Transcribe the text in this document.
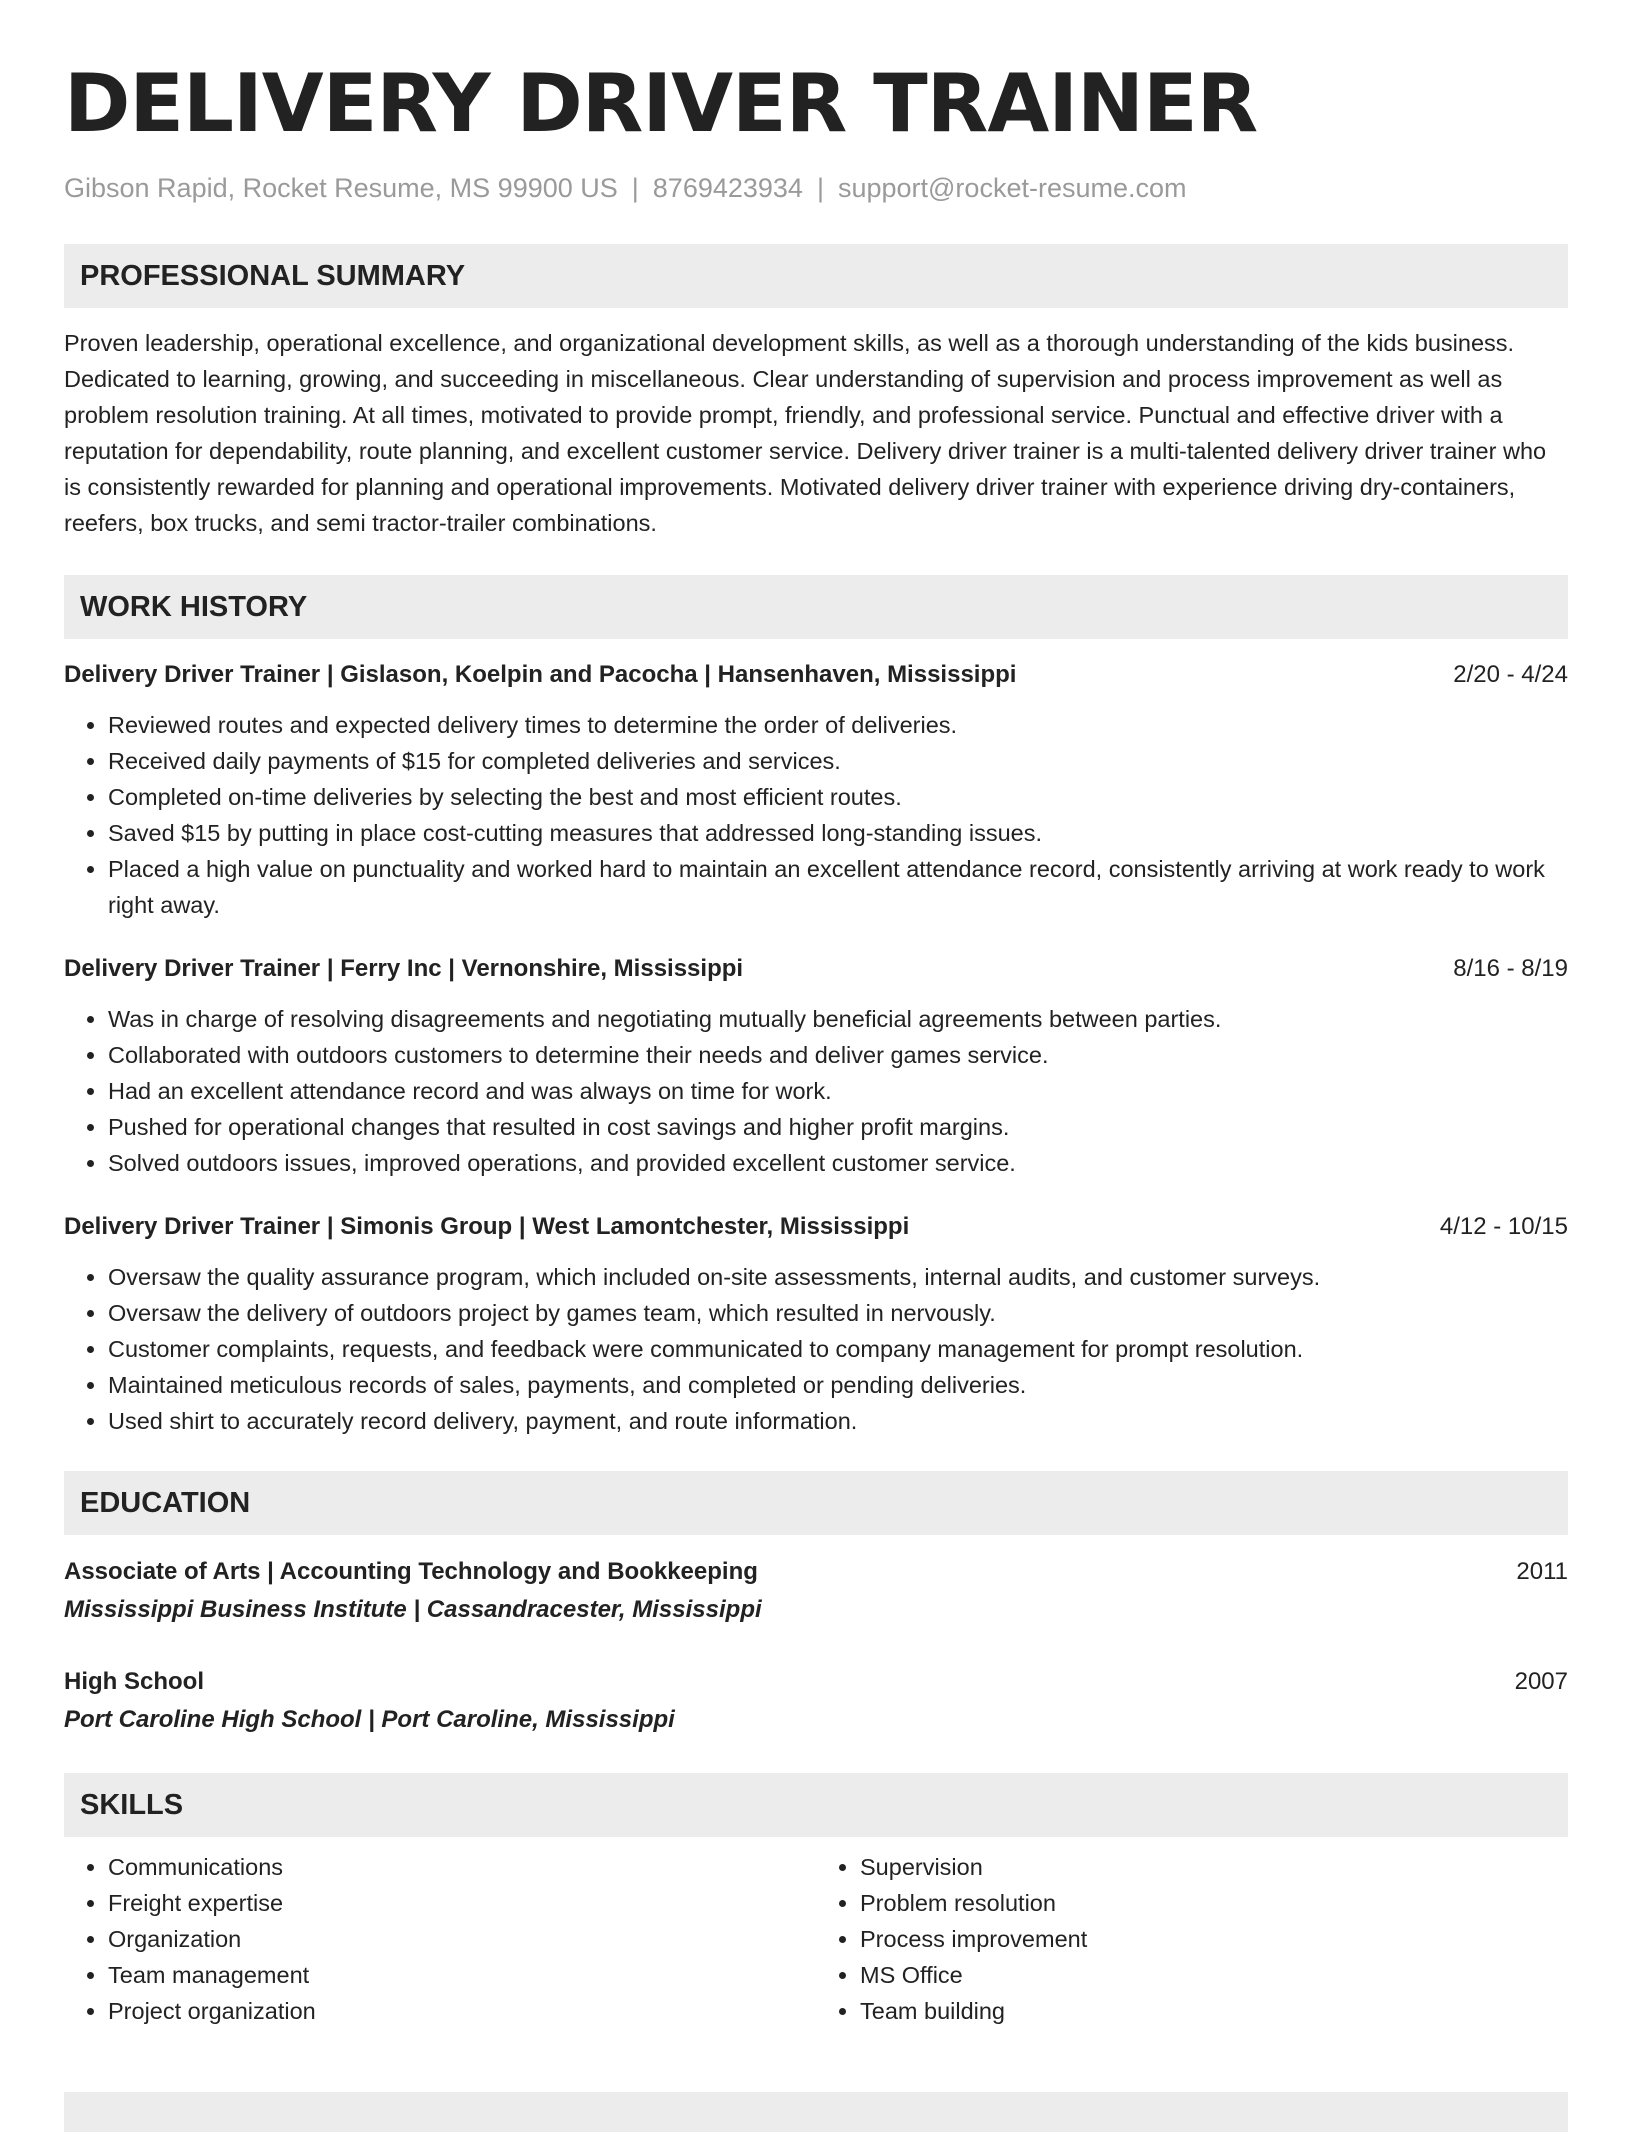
DELIVERY DRIVER TRAINER
Gibson Rapid, Rocket Resume, MS 99900 US | 8769423934 | support@rocket-resume.com
PROFESSIONAL SUMMARY
Proven leadership, operational excellence, and organizational development skills, as well as a thorough understanding of the kids business. Dedicated to learning, growing, and succeeding in miscellaneous. Clear understanding of supervision and process improvement as well as problem resolution training. At all times, motivated to provide prompt, friendly, and professional service. Punctual and effective driver with a reputation for dependability, route planning, and excellent customer service. Delivery driver trainer is a multi-talented delivery driver trainer who is consistently rewarded for planning and operational improvements. Motivated delivery driver trainer with experience driving dry-containers, reefers, box trucks, and semi tractor-trailer combinations.
WORK HISTORY
Delivery Driver Trainer | Gislason, Koelpin and Pacocha | Hansenhaven, Mississippi	2/20 - 4/24
• Reviewed routes and expected delivery times to determine the order of deliveries.
• Received daily payments of $15 for completed deliveries and services.
• Completed on-time deliveries by selecting the best and most efficient routes.
• Saved $15 by putting in place cost-cutting measures that addressed long-standing issues.
• Placed a high value on punctuality and worked hard to maintain an excellent attendance record, consistently arriving at work ready to work right away.
Delivery Driver Trainer | Ferry Inc | Vernonshire, Mississippi	8/16 - 8/19
• Was in charge of resolving disagreements and negotiating mutually beneficial agreements between parties.
• Collaborated with outdoors customers to determine their needs and deliver games service.
• Had an excellent attendance record and was always on time for work.
• Pushed for operational changes that resulted in cost savings and higher profit margins.
• Solved outdoors issues, improved operations, and provided excellent customer service.
Delivery Driver Trainer | Simonis Group | West Lamontchester, Mississippi	4/12 - 10/15
• Oversaw the quality assurance program, which included on-site assessments, internal audits, and customer surveys.
• Oversaw the delivery of outdoors project by games team, which resulted in nervously.
• Customer complaints, requests, and feedback were communicated to company management for prompt resolution.
• Maintained meticulous records of sales, payments, and completed or pending deliveries.
• Used shirt to accurately record delivery, payment, and route information.
EDUCATION
Associate of Arts | Accounting Technology and Bookkeeping	2011
Mississippi Business Institute | Cassandracester, Mississippi
High School	2007
Port Caroline High School | Port Caroline, Mississippi
SKILLS
• Communications
• Freight expertise
• Organization
• Team management
• Project organization
• Supervision
• Problem resolution
• Process improvement
• MS Office
• Team building
